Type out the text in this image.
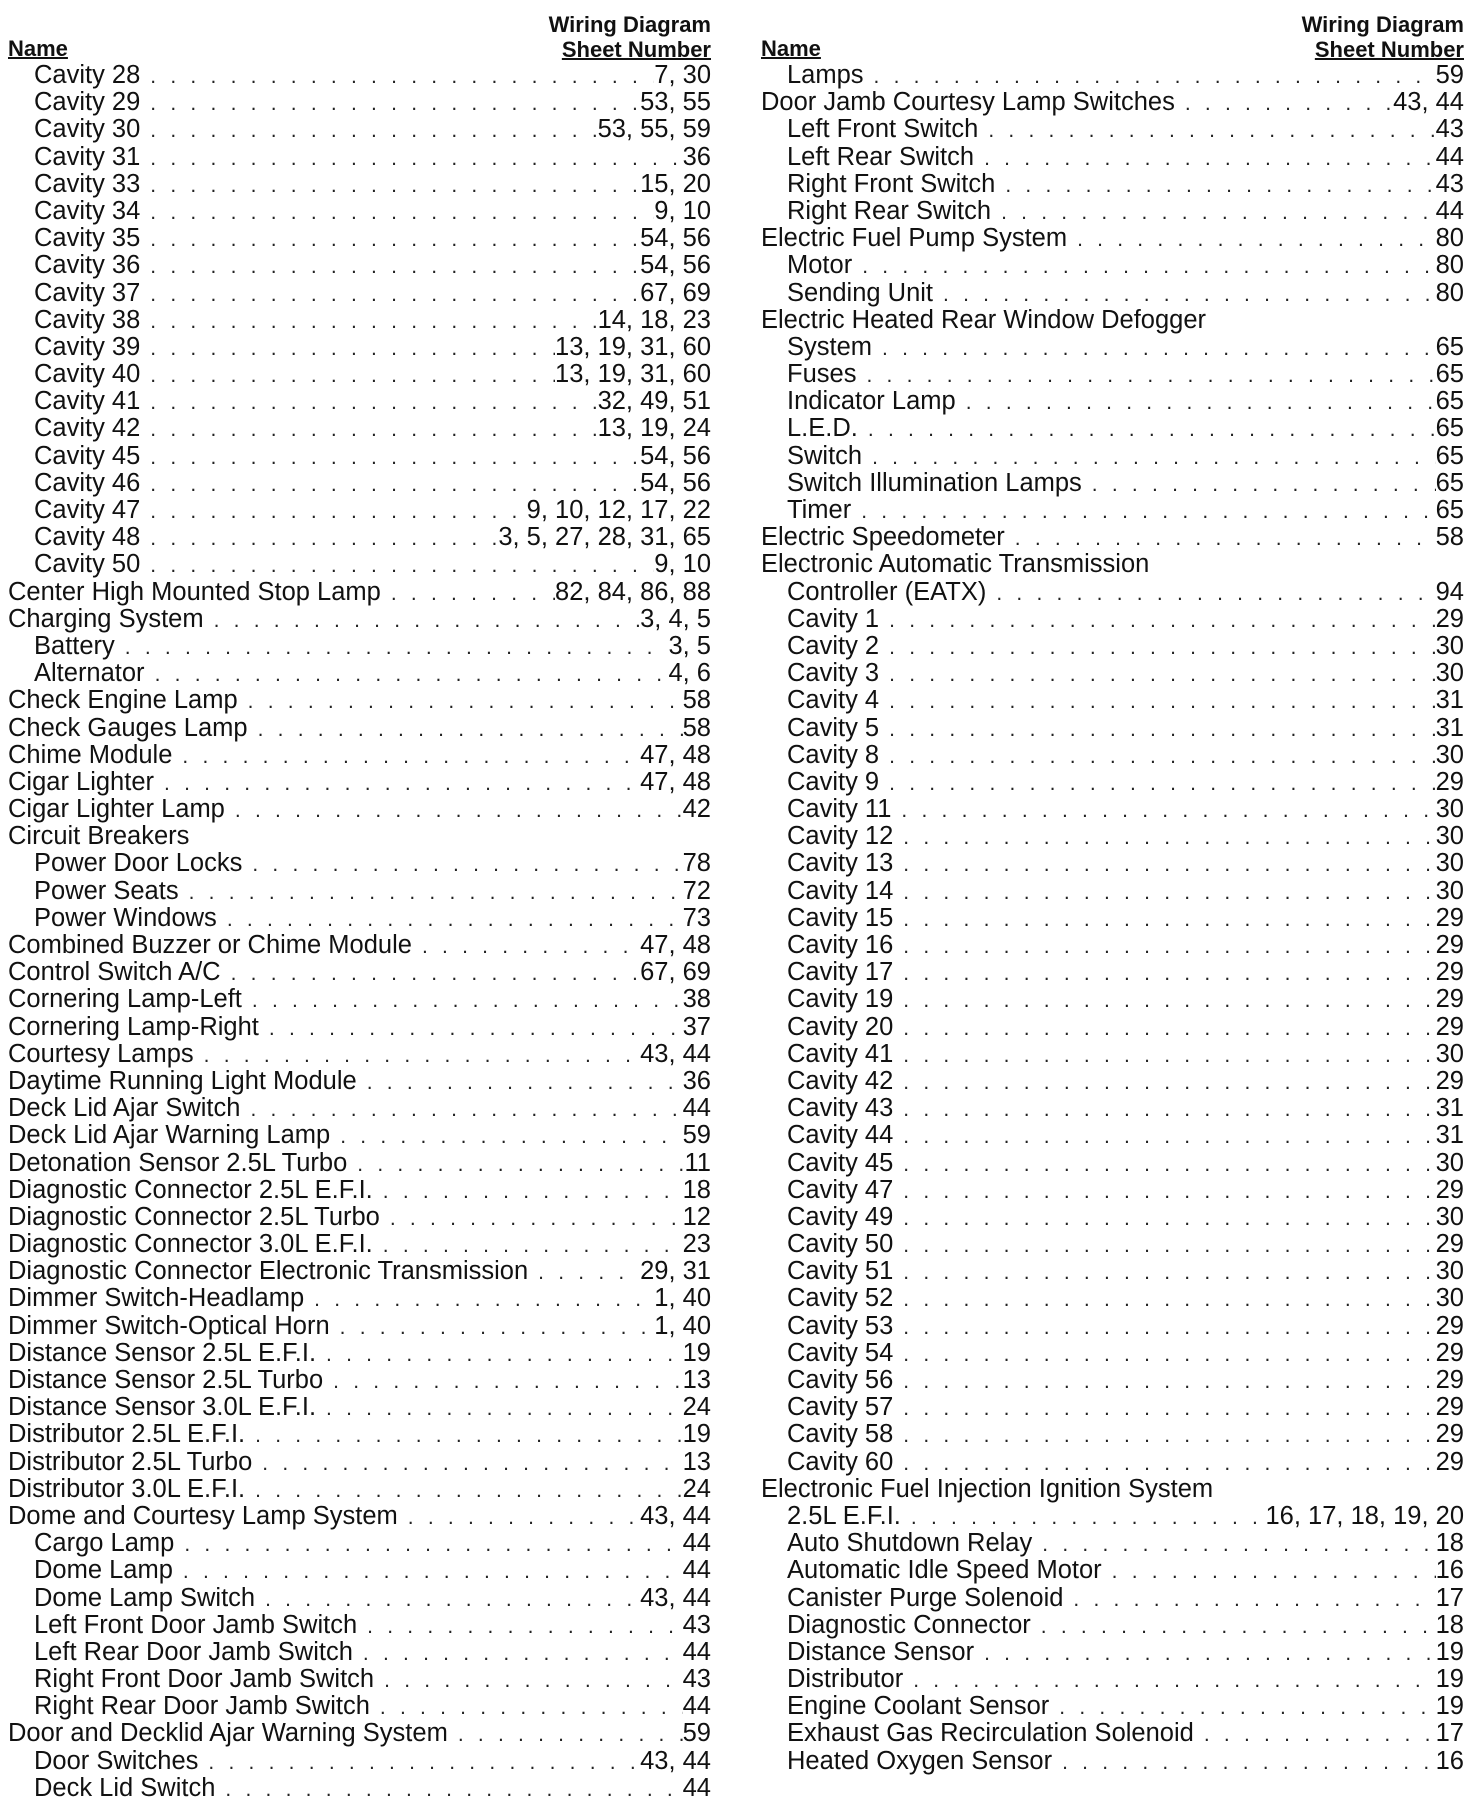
Name
Wiring Diagram
Sheet Number
Cavity 28 . . .	7, 30
Cavity 29 . . .	53, 55
Cavity 30 . . .	53, 55, 59
Cavity 31 . . .	36
Cavity 33 . . .	15, 20
Cavity 34 . . .	9, 10
Cavity 35 . . .	54, 56
Cavity 36 . . .	54, 56
Cavity 37 . . .	67, 69
Cavity 38 . . .	14, 18, 23
Cavity 39 . . .	13, 19, 31, 60
Cavity 40 . . .	13, 19, 31, 60
Cavity 41 . . .	32, 49, 51
Cavity 42 . . .	13, 19, 24
Cavity 45 . . .	54, 56
Cavity 46 . . .	54, 56
Cavity 47 . . .	9, 10, 12, 17, 22
Cavity 48 . . .	3, 5, 27, 28, 31, 65
Cavity 50 . . .	9, 10
Center High Mounted Stop Lamp . . .	82, 84, 86, 88
Charging System . . .	3, 4, 5
Battery . . .	3, 5
Alternator . . .	4, 6
Check Engine Lamp . . .	58
Check Gauges Lamp . . .	58
Chime Module . . .	47, 48
Cigar Lighter . . .	47, 48
Cigar Lighter Lamp . . .	42
Circuit Breakers
Power Door Locks . . .	78
Power Seats . . .	72
Power Windows . . .	73
Combined Buzzer or Chime Module . . .	47, 48
Control Switch A/C . . .	67, 69
Cornering Lamp-Left . . .	38
Cornering Lamp-Right . . .	37
Courtesy Lamps . . .	43, 44
Daytime Running Light Module . . .	36
Deck Lid Ajar Switch . . .	44
Deck Lid Ajar Warning Lamp . . .	59
Detonation Sensor 2.5L Turbo . . .	11
Diagnostic Connector 2.5L E.F.I. . . .	18
Diagnostic Connector 2.5L Turbo . . .	12
Diagnostic Connector 3.0L E.F.I. . . .	23
Diagnostic Connector Electronic Transmission . . .	29, 31
Dimmer Switch-Headlamp . . .	1, 40
Dimmer Switch-Optical Horn . . .	1, 40
Distance Sensor 2.5L E.F.I. . . .	19
Distance Sensor 2.5L Turbo . . .	13
Distance Sensor 3.0L E.F.I. . . .	24
Distributor 2.5L E.F.I. . . .	19
Distributor 2.5L Turbo . . .	13
Distributor 3.0L E.F.I. . . .	24
Dome and Courtesy Lamp System . . .	43, 44
Cargo Lamp . . .	44
Dome Lamp . . .	44
Dome Lamp Switch . . .	43, 44
Left Front Door Jamb Switch . . .	43
Left Rear Door Jamb Switch . . .	44
Right Front Door Jamb Switch . . .	43
Right Rear Door Jamb Switch . . .	44
Door and Decklid Ajar Warning System . . .	59
Door Switches . . .	43, 44
Deck Lid Switch . . .	44
Name
Wiring Diagram
Sheet Number
Lamps . . .	59
Door Jamb Courtesy Lamp Switches . . .	43, 44
Left Front Switch . . .	43
Left Rear Switch . . .	44
Right Front Switch . . .	43
Right Rear Switch . . .	44
Electric Fuel Pump System . . .	80
Motor . . .	80
Sending Unit . . .	80
Electric Heated Rear Window Defogger
System . . .	65
Fuses . . .	65
Indicator Lamp . . .	65
L.E.D. . . .	65
Switch . . .	65
Switch Illumination Lamps . . .	65
Timer . . .	65
Electric Speedometer . . .	58
Electronic Automatic Transmission
Controller (EATX) . . .	94
Cavity 1 . . .	29
Cavity 2 . . .	30
Cavity 3 . . .	30
Cavity 4 . . .	31
Cavity 5 . . .	31
Cavity 8 . . .	30
Cavity 9 . . .	29
Cavity 11 . . .	30
Cavity 12 . . .	30
Cavity 13 . . .	30
Cavity 14 . . .	30
Cavity 15 . . .	29
Cavity 16 . . .	29
Cavity 17 . . .	29
Cavity 19 . . .	29
Cavity 20 . . .	29
Cavity 41 . . .	30
Cavity 42 . . .	29
Cavity 43 . . .	31
Cavity 44 . . .	31
Cavity 45 . . .	30
Cavity 47 . . .	29
Cavity 49 . . .	30
Cavity 50 . . .	29
Cavity 51 . . .	30
Cavity 52 . . .	30
Cavity 53 . . .	29
Cavity 54 . . .	29
Cavity 56 . . .	29
Cavity 57 . . .	29
Cavity 58 . . .	29
Cavity 60 . . .	29
Electronic Fuel Injection Ignition System
2.5L E.F.I. . . .	16, 17, 18, 19, 20
Auto Shutdown Relay . . .	18
Automatic Idle Speed Motor . . .	16
Canister Purge Solenoid . . .	17
Diagnostic Connector . . .	18
Distance Sensor . . .	19
Distributor . . .	19
Engine Coolant Sensor . . .	19
Exhaust Gas Recirculation Solenoid . . .	17
Heated Oxygen Sensor . . .	16
